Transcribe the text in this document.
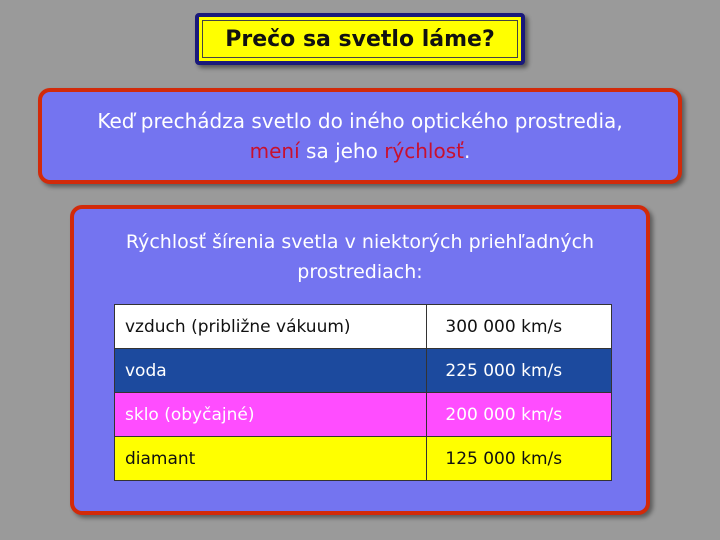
Prečo sa svetlo láme?
Keď prechádza svetlo do iného optického prostredia,
mení sa jeho rýchlosť.
Rýchlosť šírenia svetla v niektorých priehľadných
prostrediach:
vzduch (približne vákuum)	300 000 km/s
voda	225 000 km/s
sklo (obyčajné)	200 000 km/s
diamant	125 000 km/s
